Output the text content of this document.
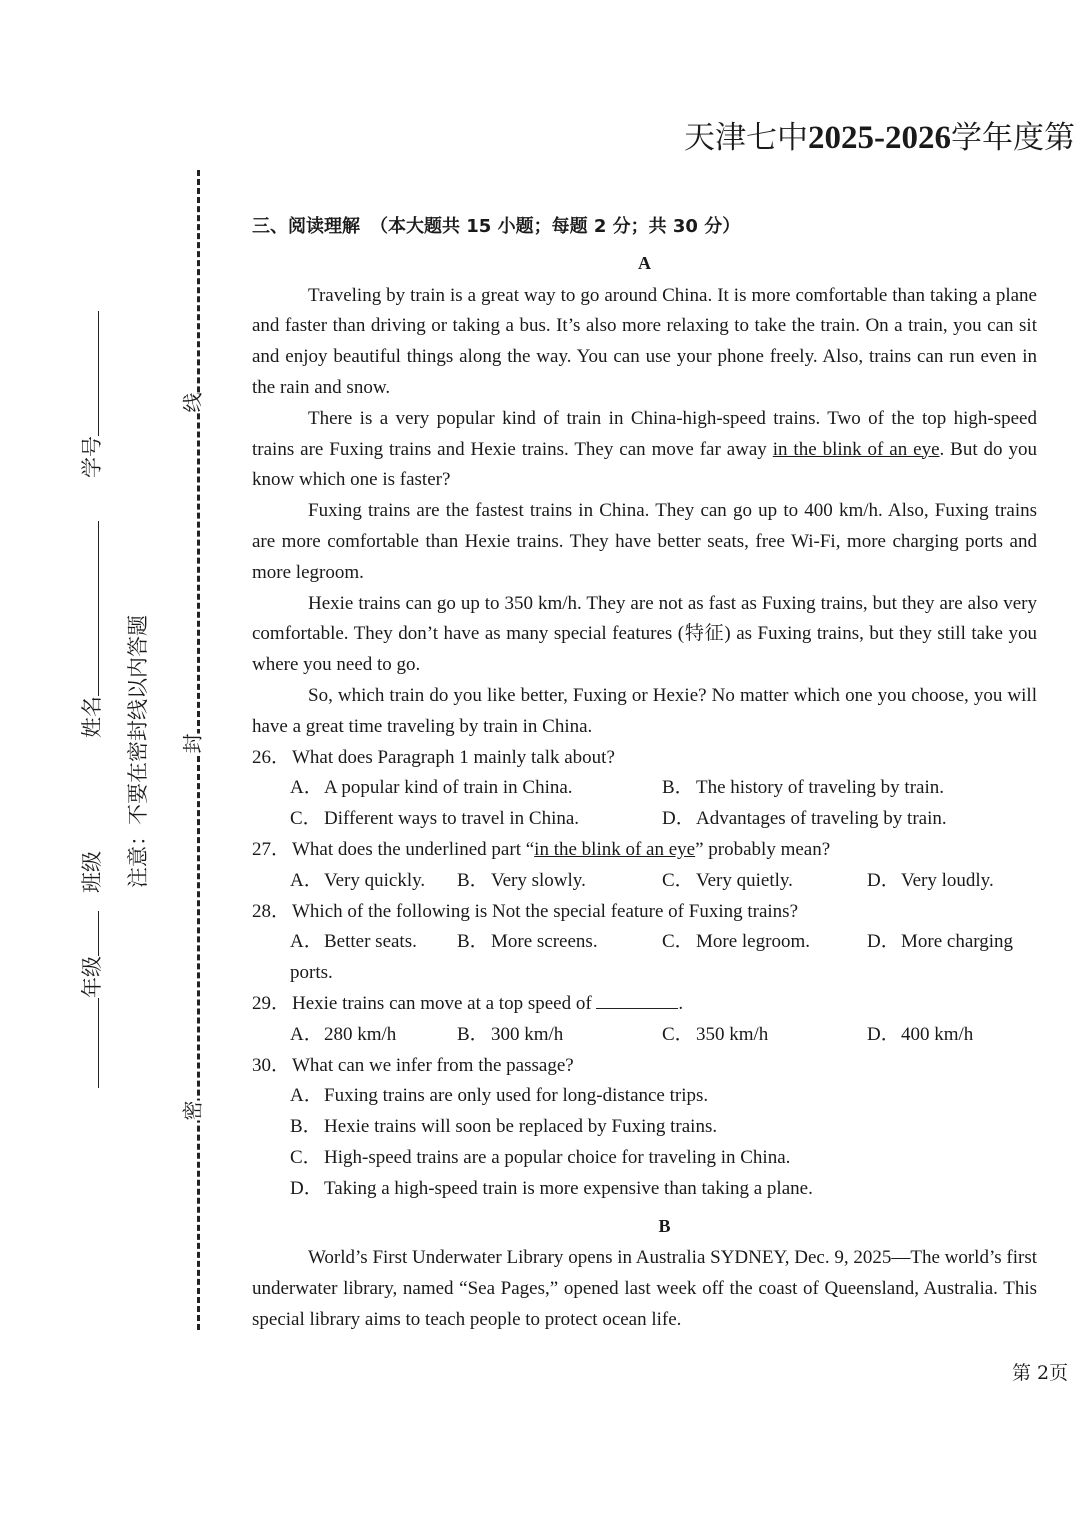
天津七中2025-2026学年度第
线
封
密
学号
姓名
班级
年级
注意：不要在密封线以内答题
三、阅读理解 （本大题共 15 小题；每题 2 分；共 30 分）
A

Traveling by train is a great way to go around China. It is more comfortable than taking a plane and faster than driving or taking a bus. It’s also more relaxing to take the train. On a train, you can sit and enjoy beautiful things along the way. You can use your phone freely. Also, trains can run even in the rain and snow.

There is a very popular kind of train in China-high-speed trains. Two of the top high-speed trains are Fuxing trains and Hexie trains. They can move far away in the blink of an eye. But do you know which one is faster?

Fuxing trains are the fastest trains in China. They can go up to 400 km/h. Also, Fuxing trains are more comfortable than Hexie trains. They have better seats, free Wi-Fi, more charging ports and more legroom.

Hexie trains can go up to 350 km/h. They are not as fast as Fuxing trains, but they are also very comfortable. They don’t have as many special features (特征) as Fuxing trains, but they still take you where you need to go.

So, which train do you like better, Fuxing or Hexie? No matter which one you choose, you will have a great time traveling by train in China.

26． What does Paragraph 1 mainly talk about?

A．A popular kind of train in China.	B． The history of traveling by train.
C． Different ways to travel in China.	D．Advantages of traveling by train.

27． What does the underlined part “in the blink of an eye” probably mean?

A．Very quickly.	B． Very slowly.	C． Very quietly.	D．Very loudly.

28． Which of the following is Not the special feature of Fuxing trains?

A．Better seats.	B． More screens.	C． More legroom.	D．More charging

ports.

29． Hexie trains can move at a top speed of	.

A．280 km/h	B． 300 km/h	C． 350 km/h	D．400 km/h

30． What can we infer from the passage?

A．Fuxing trains are only used for long-distance trips.
B． Hexie trains will soon be replaced by Fuxing trains.
C． High-speed trains are a popular choice for traveling in China.
D．Taking a high-speed train is more expensive than taking a plane.
B

World’s First Underwater Library opens in Australia SYDNEY, Dec. 9, 2025—The world’s first underwater library, named “Sea Pages,” opened last week off the coast of Queensland, Australia. This special library aims to teach people to protect ocean life.

第 2页
